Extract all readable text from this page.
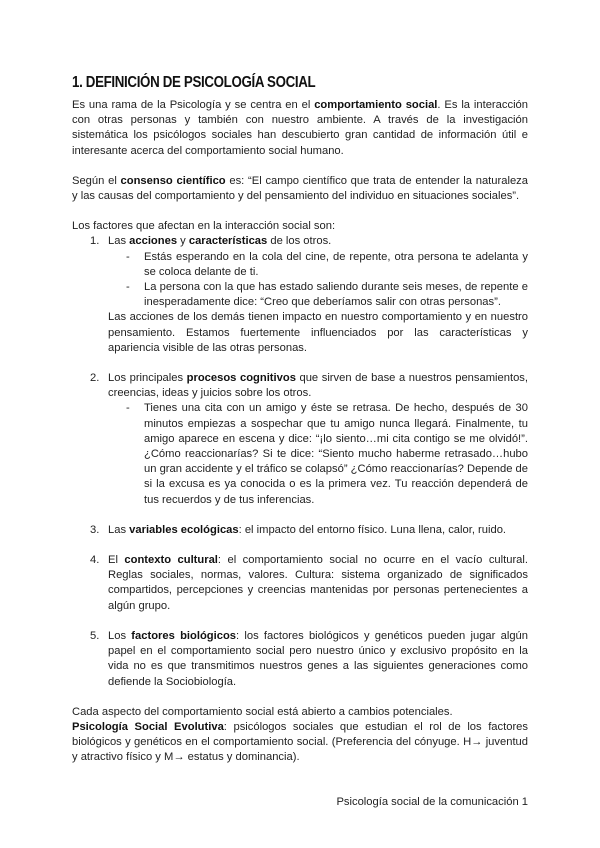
1. DEFINICIÓN DE PSICOLOGÍA SOCIAL

Es una rama de la Psicología y se centra en el comportamiento social. Es la interacción con otras personas y también con nuestro ambiente. A través de la investigación sistemática los psicólogos sociales han descubierto gran cantidad de información útil e interesante acerca del comportamiento social humano.

Según el consenso científico es: “El campo científico que trata de entender la naturaleza y las causas del comportamiento y del pensamiento del individuo en situaciones sociales”.

Los factores que afectan en la interacción social son:

1. Las acciones y características de los otros.

- Estás esperando en la cola del cine, de repente, otra persona te adelanta y se coloca delante de ti.

- La persona con la que has estado saliendo durante seis meses, de repente e inesperadamente dice: “Creo que deberíamos salir con otras personas”.

Las acciones de los demás tienen impacto en nuestro comportamiento y en nuestro pensamiento. Estamos fuertemente influenciados por las características y apariencia visible de las otras personas.

2. Los principales procesos cognitivos que sirven de base a nuestros pensamientos, creencias, ideas y juicios sobre los otros.

- Tienes una cita con un amigo y éste se retrasa. De hecho, después de 30 minutos empiezas a sospechar que tu amigo nunca llegará. Finalmente, tu amigo aparece en escena y dice: “¡lo siento…mi cita contigo se me olvidó!”. ¿Cómo reaccionarías? Si te dice: “Siento mucho haberme retrasado…hubo un gran accidente y el tráfico se colapsó” ¿Cómo reaccionarías? Depende de si la excusa es ya conocida o es la primera vez. Tu reacción dependerá de tus recuerdos y de tus inferencias.

3. Las variables ecológicas: el impacto del entorno físico. Luna llena, calor, ruido.

4. El contexto cultural: el comportamiento social no ocurre en el vacío cultural. Reglas sociales, normas, valores. Cultura: sistema organizado de significados compartidos, percepciones y creencias mantenidas por personas pertenecientes a algún grupo.

5. Los factores biológicos: los factores biológicos y genéticos pueden jugar algún papel en el comportamiento social pero nuestro único y exclusivo propósito en la vida no es que transmitimos nuestros genes a las siguientes generaciones como defiende la Sociobiología.

Cada aspecto del comportamiento social está abierto a cambios potenciales.

Psicología Social Evolutiva: psicólogos sociales que estudian el rol de los factores biológicos y genéticos en el comportamiento social. (Preferencia del cónyuge. H→ juventud y atractivo físico y M→ estatus y dominancia).

Psicología social de la comunicación 1
